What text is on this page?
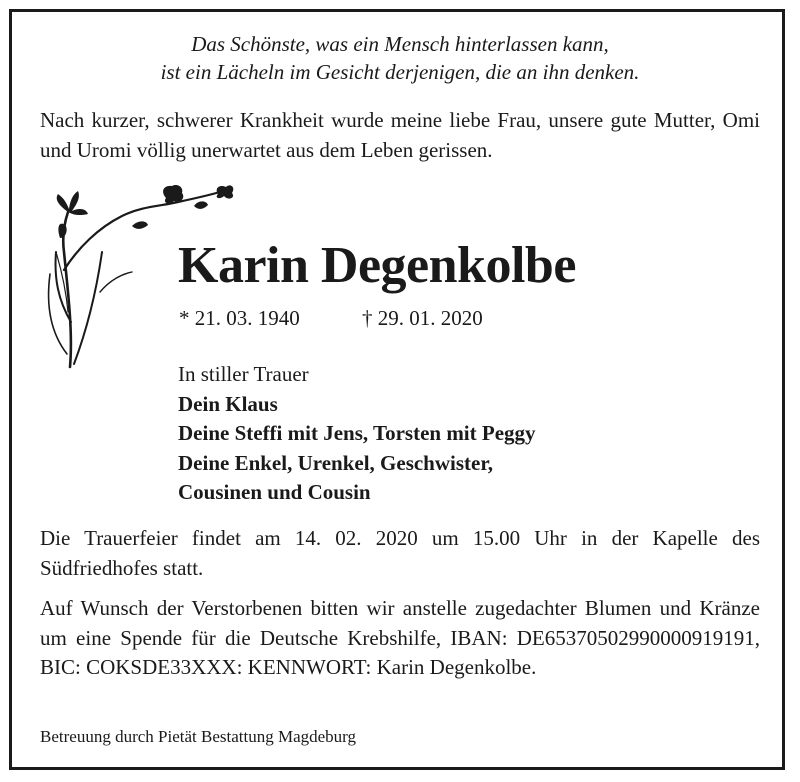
Das Schönste, was ein Mensch hinterlassen kann,
ist ein Lächeln im Gesicht derjenigen, die an ihn denken.
Nach kurzer, schwerer Krankheit wurde meine liebe Frau, unsere gute Mutter, Omi und Uromi völlig unerwartet aus dem Leben gerissen.
Karin Degenkolbe
* 21. 03. 1940	† 29. 01. 2020
In stiller Trauer
Dein Klaus
Deine Steffi mit Jens, Torsten mit Peggy
Deine Enkel, Urenkel, Geschwister,
Cousinen und Cousin
Die Trauerfeier findet am 14. 02. 2020 um 15.00 Uhr in der Kapelle des Südfriedhofes statt.
Auf Wunsch der Verstorbenen bitten wir anstelle zugedachter Blumen und Kränze um eine Spende für die Deutsche Krebshilfe, IBAN: DE65370502990000919191, BIC: COKSDE33XXX: KENNWORT: Karin Degenkolbe.
Betreuung durch Pietät Bestattung Magdeburg
